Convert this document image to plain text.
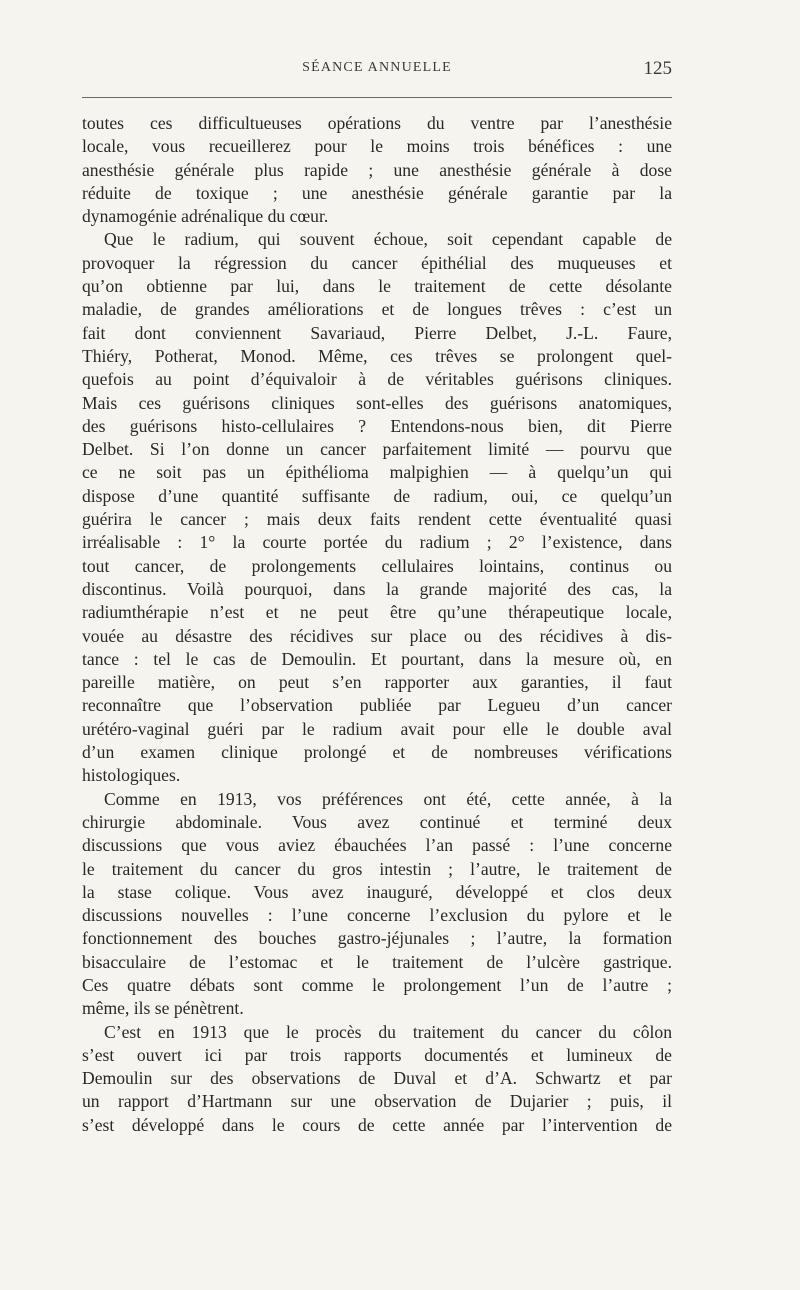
SÉANCE ANNUELLE	125
toutes ces difficultueuses opérations du ventre par l’anesthésie
locale, vous recueillerez pour le moins trois bénéfices : une
anesthésie générale plus rapide ; une anesthésie générale à dose
réduite de toxique ; une anesthésie générale garantie par la
dynamogénie adrénalique du cœur.
Que le radium, qui souvent échoue, soit cependant capable de
provoquer la régression du cancer épithélial des muqueuses et
qu’on obtienne par lui, dans le traitement de cette désolante
maladie, de grandes améliorations et de longues trêves : c’est un
fait dont conviennent Savariaud, Pierre Delbet, J.-L. Faure,
Thiéry, Potherat, Monod. Même, ces trêves se prolongent quel-
quefois au point d’équivaloir à de véritables guérisons cliniques.
Mais ces guérisons cliniques sont-elles des guérisons anatomiques,
des guérisons histo-cellulaires ? Entendons-nous bien, dit Pierre
Delbet. Si l’on donne un cancer parfaitement limité — pourvu que
ce ne soit pas un épithélioma malpighien — à quelqu’un qui
dispose d’une quantité suffisante de radium, oui, ce quelqu’un
guérira le cancer ; mais deux faits rendent cette éventualité quasi
irréalisable : 1° la courte portée du radium ; 2° l’existence, dans
tout cancer, de prolongements cellulaires lointains, continus ou
discontinus. Voilà pourquoi, dans la grande majorité des cas, la
radiumthérapie n’est et ne peut être qu’une thérapeutique locale,
vouée au désastre des récidives sur place ou des récidives à dis-
tance : tel le cas de Demoulin. Et pourtant, dans la mesure où, en
pareille matière, on peut s’en rapporter aux garanties, il faut
reconnaître que l’observation publiée par Legueu d’un cancer
urétéro-vaginal guéri par le radium avait pour elle le double aval
d’un examen clinique prolongé et de nombreuses vérifications
histologiques.
Comme en 1913, vos préférences ont été, cette année, à la
chirurgie abdominale. Vous avez continué et terminé deux
discussions que vous aviez ébauchées l’an passé : l’une concerne
le traitement du cancer du gros intestin ; l’autre, le traitement de
la stase colique. Vous avez inauguré, développé et clos deux
discussions nouvelles : l’une concerne l’exclusion du pylore et le
fonctionnement des bouches gastro-jéjunales ; l’autre, la formation
bisacculaire de l’estomac et le traitement de l’ulcère gastrique.
Ces quatre débats sont comme le prolongement l’un de l’autre ;
même, ils se pénètrent.
C’est en 1913 que le procès du traitement du cancer du côlon
s’est ouvert ici par trois rapports documentés et lumineux de
Demoulin sur des observations de Duval et d’A. Schwartz et par
un rapport d’Hartmann sur une observation de Dujarier ; puis, il
s’est développé dans le cours de cette année par l’intervention de
